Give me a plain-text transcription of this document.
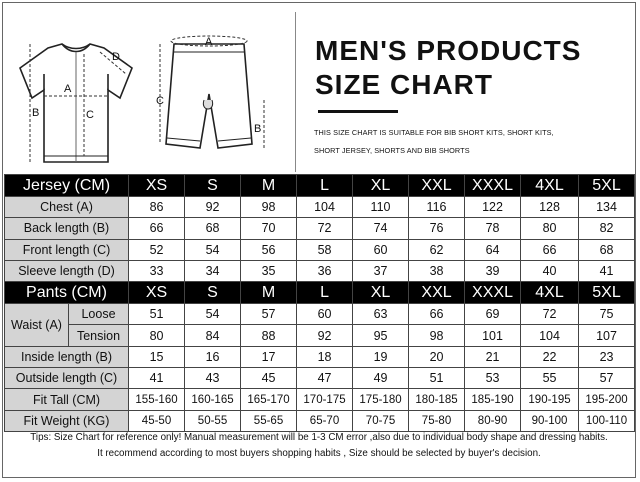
A
B	C
D
A
B
C
MEN'S PRODUCTS
SIZE CHART
THIS SIZE CHART IS SUITABLE FOR BIB SHORT KITS, SHORT KITS,
SHORT JERSEY, SHORTS AND BIB SHORTS
Jersey (CM)		XS	S	M	L	XL	XXL	XXXL	4XL	5XL
Chest (A)		86	92	98	104	110	116	122	128	134
Back length (B)		66	68	70	72	74	76	78	80	82
Front length (C)		52	54	56	58	60	62	64	66	68
Sleeve length (D)		33	34	35	36	37	38	39	40	41
Pants (CM)		XS	S	M	L	XL	XXL	XXXL	4XL	5XL
Waist (A)	Loose	51	54	57	60	63	66	69	72	75
	Tension	80	84	88	92	95	98	101	104	107
Inside length (B)		15	16	17	18	19	20	21	22	23
Outside length (C)		41	43	45	47	49	51	53	55	57
Fit Tall (CM)		155-160	160-165	165-170	170-175	175-180	180-185	185-190	190-195	195-200
Fit Weight (KG)		45-50	50-55	55-65	65-70	70-75	75-80	80-90	90-100	100-110
Tips: Size Chart for reference only! Manual measurement will be 1-3 CM error ,also due to individual body shape and dressing habits.
It recommend according to most buyers shopping habits , Size should be selected by buyer's decision.
